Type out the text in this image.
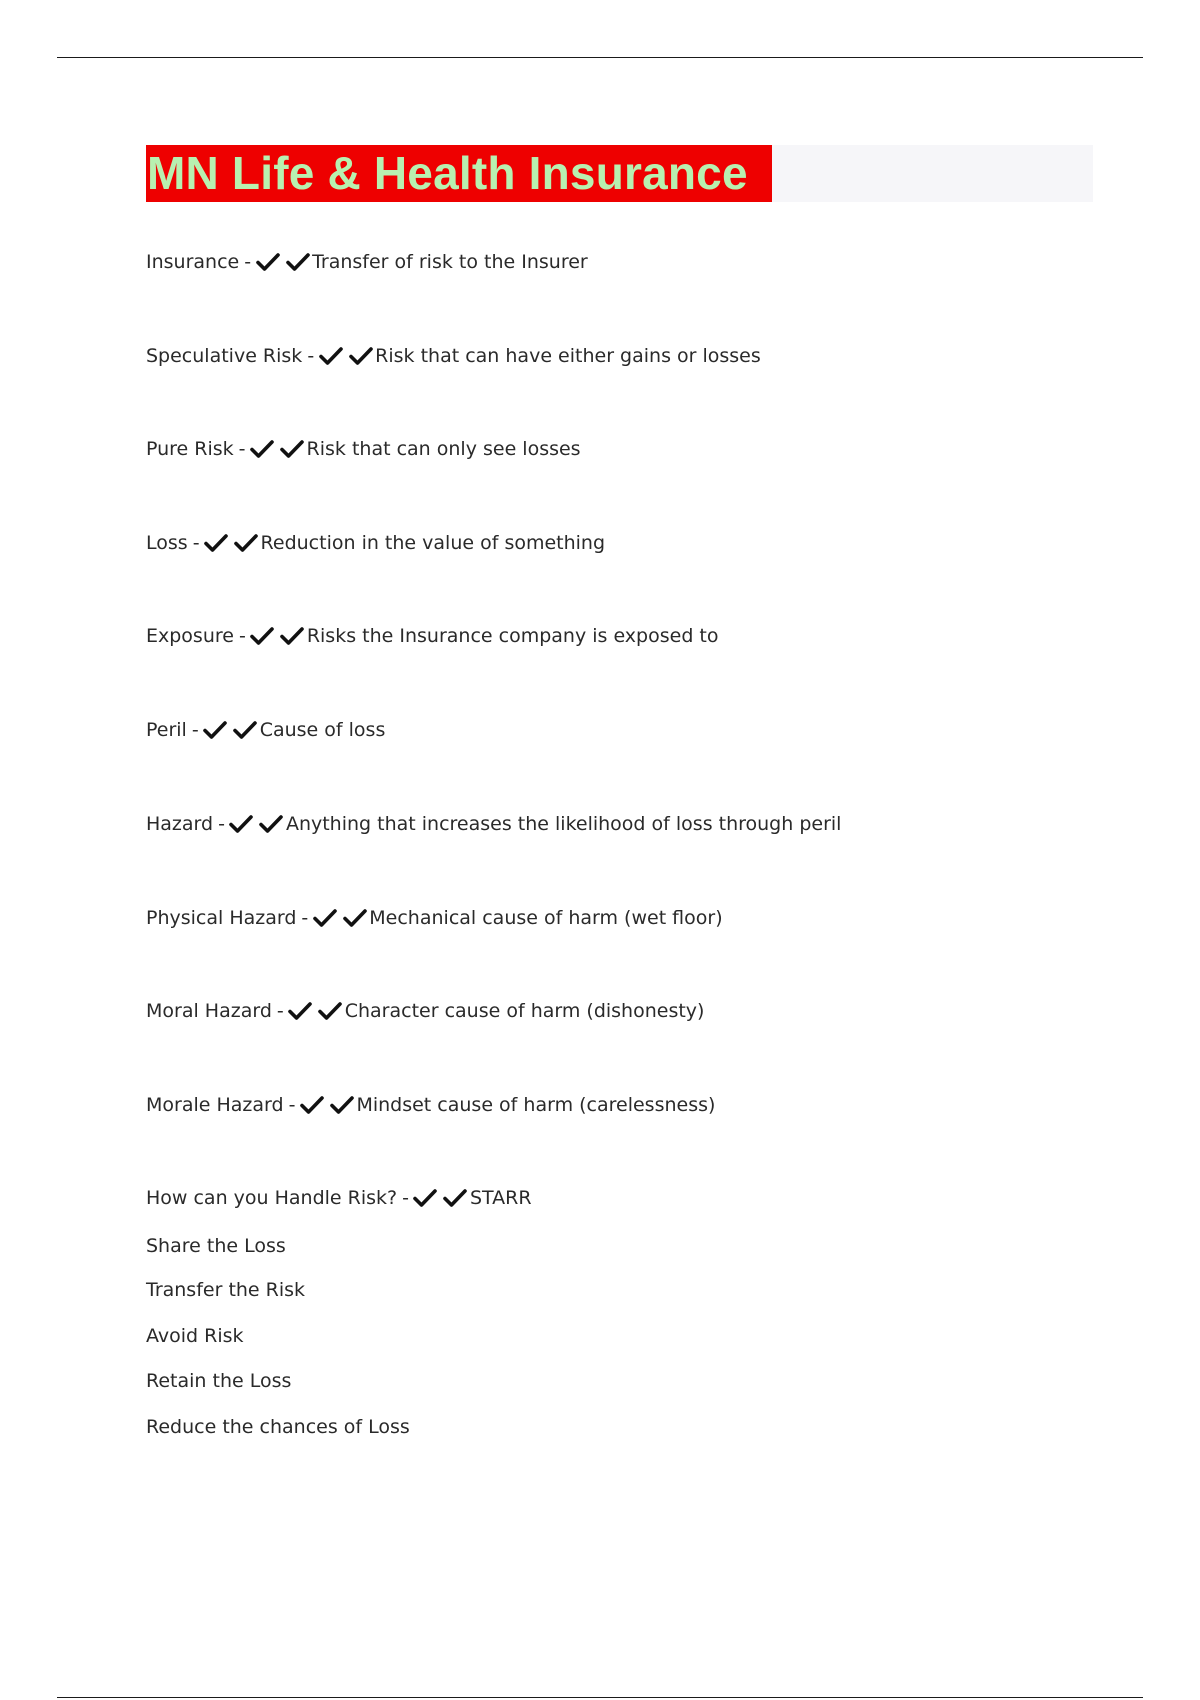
MN Life & Health Insurance
Insurance -	Transfer of risk to the Insurer
Speculative Risk -	Risk that can have either gains or losses
Pure Risk -	Risk that can only see losses
Loss -	Reduction in the value of something
Exposure -	Risks the Insurance company is exposed to
Peril -	Cause of loss
Hazard -	Anything that increases the likelihood of loss through peril
Physical Hazard -	Mechanical cause of harm (wet floor)
Moral Hazard -	Character cause of harm (dishonesty)
Morale Hazard -	Mindset cause of harm (carelessness)
How can you Handle Risk? -	STARR
Share the Loss
Transfer the Risk
Avoid Risk
Retain the Loss
Reduce the chances of Loss
